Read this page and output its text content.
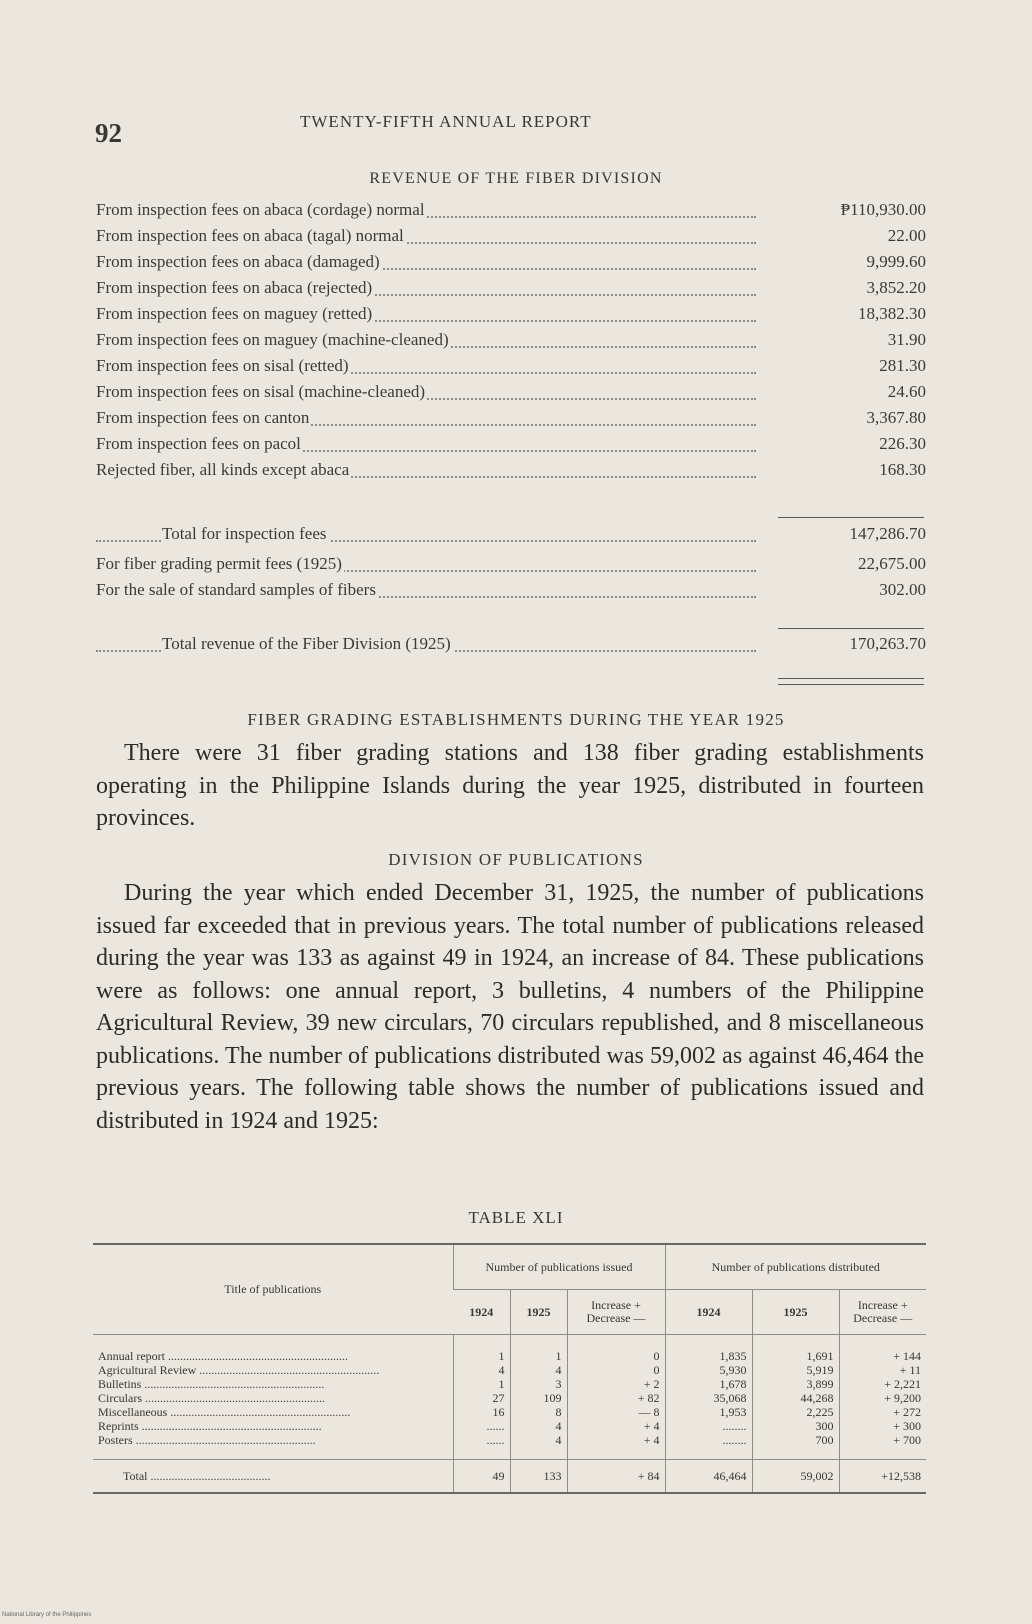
92	TWENTY-FIFTH ANNUAL REPORT
REVENUE OF THE FIBER DIVISION
From inspection fees on abaca (cordage) normal	₱110,930.00
From inspection fees on abaca (tagal) normal	22.00
From inspection fees on abaca (damaged)	9,999.60
From inspection fees on abaca (rejected)	3,852.20
From inspection fees on maguey (retted)	18,382.30
From inspection fees on maguey (machine-cleaned)	31.90
From inspection fees on sisal (retted)	281.30
From inspection fees on sisal (machine-cleaned)	24.60
From inspection fees on canton	3,367.80
From inspection fees on pacol	226.30
Rejected fiber, all kinds except abaca	168.30
Total for inspection fees	147,286.70
For fiber grading permit fees (1925)	22,675.00
For the sale of standard samples of fibers	302.00
Total revenue of the Fiber Division (1925)	170,263.70
FIBER GRADING ESTABLISHMENTS DURING THE YEAR 1925

There were 31 fiber grading stations and 138 fiber grading establishments operating in the Philippine Islands during the year 1925, distributed in fourteen provinces.

DIVISION OF PUBLICATIONS

During the year which ended December 31, 1925, the number of publications issued far exceeded that in previous years. The total number of publications released during the year was 133 as against 49 in 1924, an increase of 84. These publications were as follows: one annual report, 3 bulletins, 4 numbers of the Philippine Agricultural Review, 39 new circulars, 70 circulars republished, and 8 miscellaneous publications. The number of publications distributed was 59,002 as against 46,464 the previous years. The following table shows the number of publications issued and distributed in 1924 and 1925:

TABLE XLI
Title of publications	Number of publications issued			Number of publications distributed		
	1924	1925	Increase + Decrease —	1924	1925	Increase + Decrease —
Annual report ............................................................	1	1	0	1,835	1,691	+ 144
Agricultural Review ............................................................	4	4	0	5,930	5,919	+ 11
Bulletins ............................................................	1	3	+ 2	1,678	3,899	+ 2,221
Circulars ............................................................	27	109	+ 82	35,068	44,268	+ 9,200
Miscellaneous ............................................................	16	8	— 8	1,953	2,225	+ 272
Reprints ............................................................	......	4	+ 4	........	300	+ 300
Posters ............................................................	......	4	+ 4	........	700	+ 700
Total ........................................	49	133	+ 84	46,464	59,002	+12,538
National Library of the Philippines
